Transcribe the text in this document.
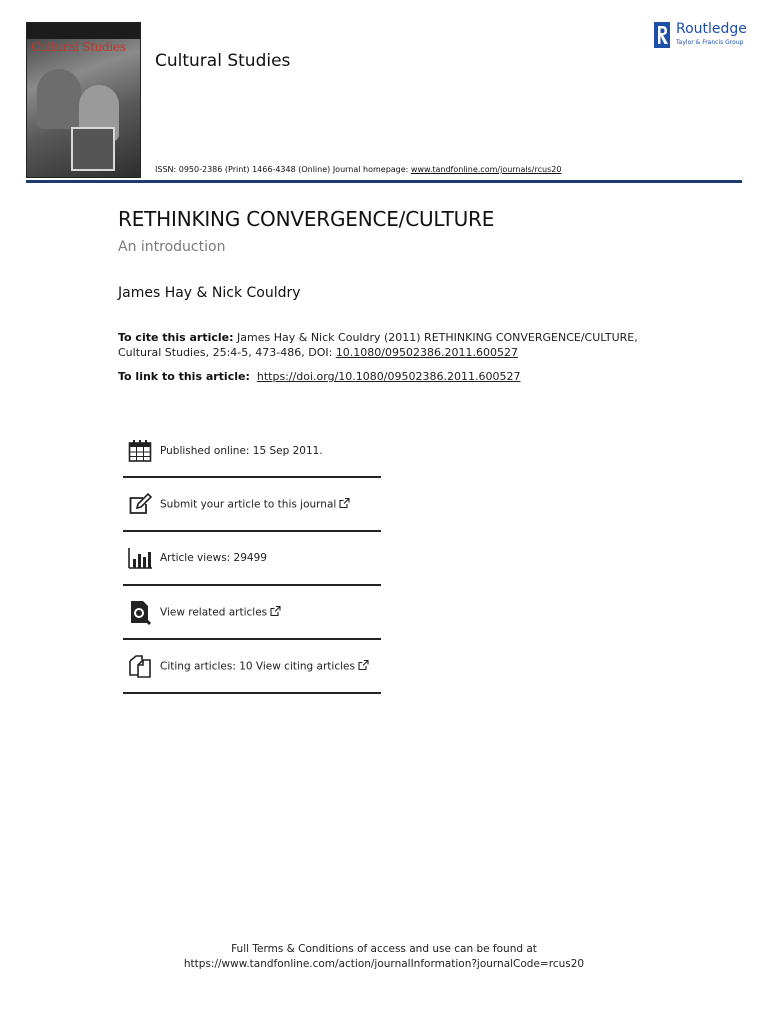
Cultural Studies
Cultural Studies
ISSN: 0950-2386 (Print) 1466-4348 (Online) Journal homepage: www.tandfonline.com/journals/rcus20
Routledge
Taylor & Francis Group
RETHINKING CONVERGENCE/CULTURE
An introduction
James Hay & Nick Couldry
To cite this article: James Hay & Nick Couldry (2011) RETHINKING CONVERGENCE/CULTURE, Cultural Studies, 25:4-5, 473-486, DOI: 10.1080/09502386.2011.600527
To link to this article: https://doi.org/10.1080/09502386.2011.600527
Published online: 15 Sep 2011.
Submit your article to this journal
Article views: 29499
View related articles
Citing articles: 10 View citing articles
Full Terms & Conditions of access and use can be found at
https://www.tandfonline.com/action/journalInformation?journalCode=rcus20
